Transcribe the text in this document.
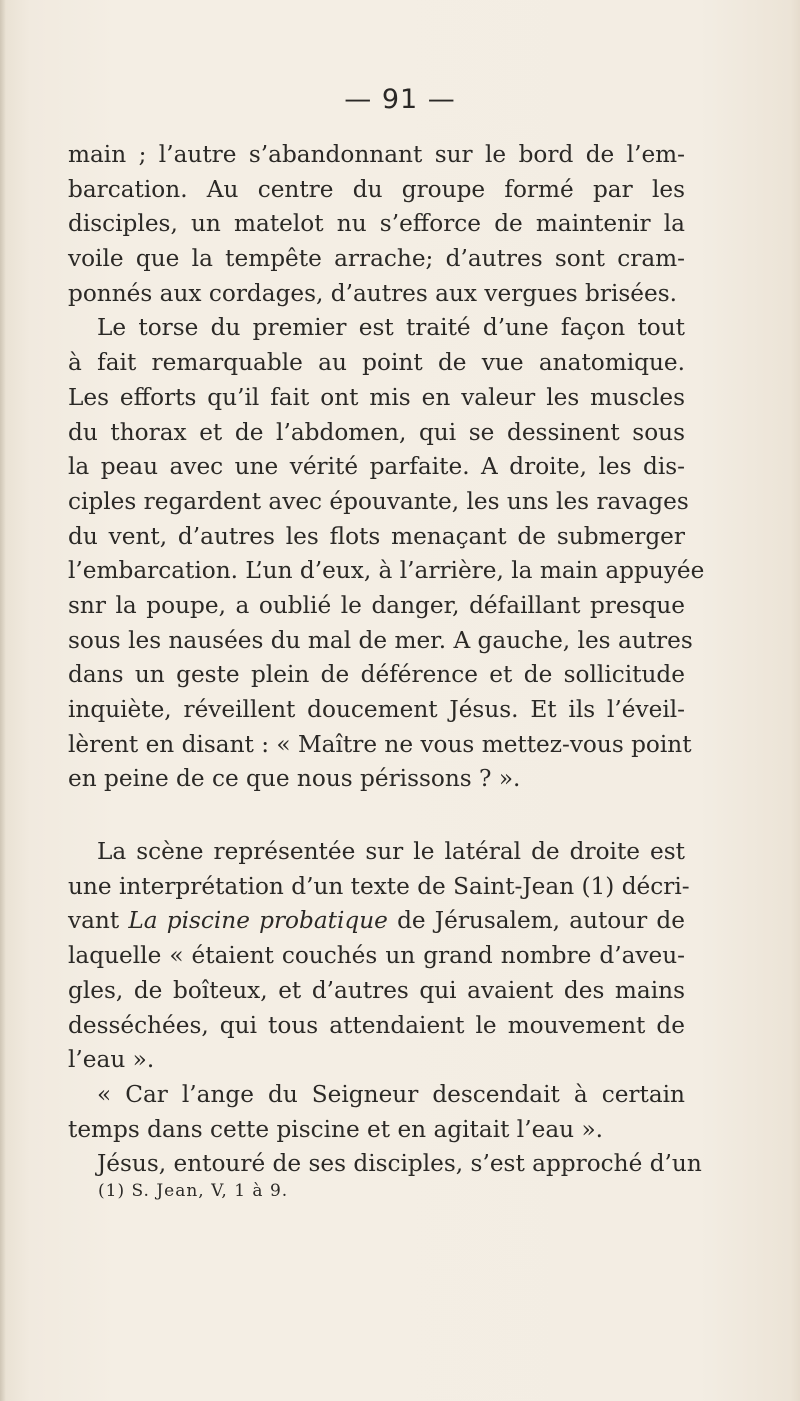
— 91 —
main ; l’autre s’abandonnant sur le bord de l’em-
barcation. Au centre du groupe formé par les
disciples, un matelot nu s’efforce de maintenir la
voile que la tempête arrache; d’autres sont cram-
ponnés aux cordages, d’autres aux vergues brisées.
Le torse du premier est traité d’une façon tout
à fait remarquable au point de vue anatomique.
Les efforts qu’il fait ont mis en valeur les muscles
du thorax et de l’abdomen, qui se dessinent sous
la peau avec une vérité parfaite. A droite, les dis-
ciples regardent avec épouvante, les uns les ravages
du vent, d’autres les flots menaçant de submerger
l’embarcation. L’un d’eux, à l’arrière, la main appuyée
snr la poupe, a oublié le danger, défaillant presque
sous les nausées du mal de mer. A gauche, les autres
dans un geste plein de déférence et de sollicitude
inquiète, réveillent doucement Jésus. Et ils l’éveil-
lèrent en disant : « Maître ne vous mettez-vous point
en peine de ce que nous périssons ? ».
La scène représentée sur le latéral de droite est
une interprétation d’un texte de Saint-Jean (1) décri-
vant La piscine probatique de Jérusalem, autour de
laquelle « étaient couchés un grand nombre d’aveu-
gles, de boîteux, et d’autres qui avaient des mains
desséchées, qui tous attendaient le mouvement de
l’eau ».
« Car l’ange du Seigneur descendait à certain
temps dans cette piscine et en agitait l’eau ».
Jésus, entouré de ses disciples, s’est approché d’un
(1) S. Jean, V, 1 à 9.
